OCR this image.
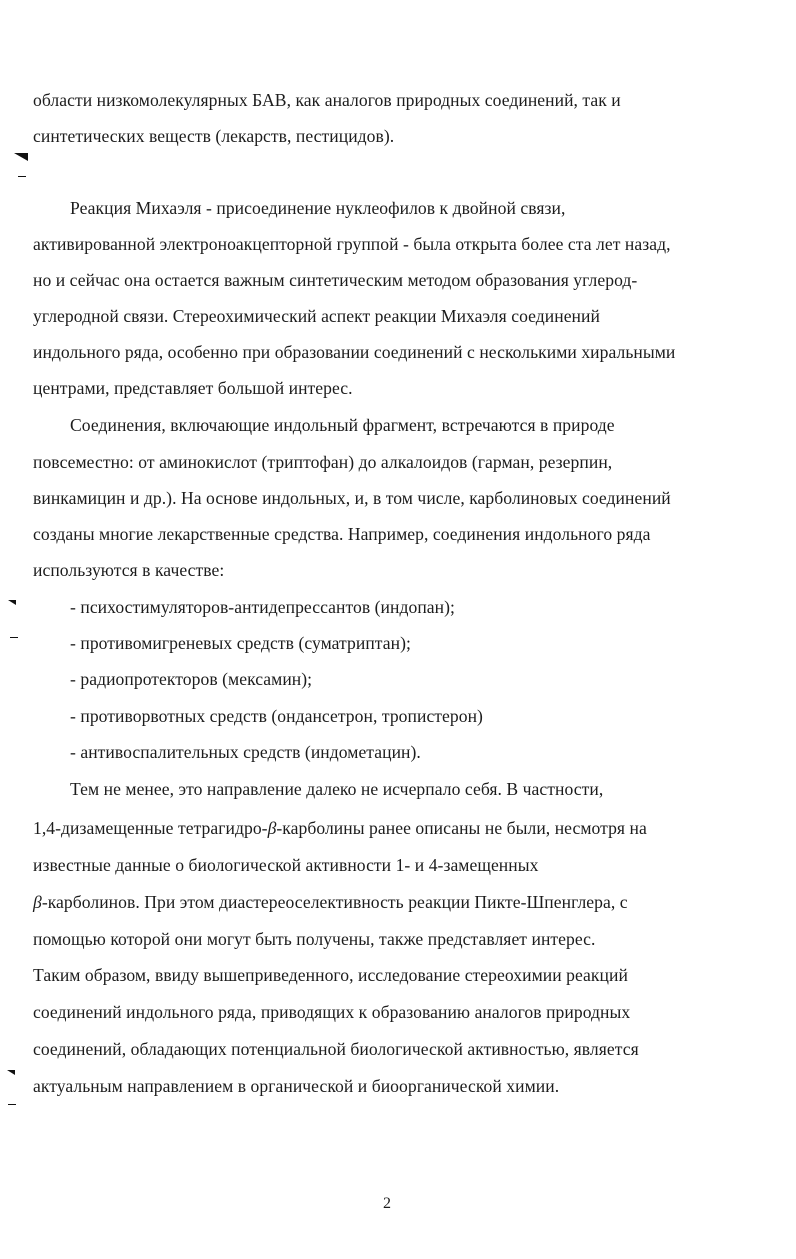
области низкомолекулярных БАВ, как аналогов природных соединений, так и
синтетических веществ (лекарств, пестицидов).
Реакция Михаэля - присоединение нуклеофилов к двойной связи,
активированной электроноакцепторной группой - была открыта более ста лет назад,
но и сейчас она остается важным синтетическим методом образования углерод-
углеродной связи. Стереохимический аспект реакции Михаэля соединений
индольного ряда, особенно при образовании соединений с несколькими хиральными
центрами, представляет большой интерес.
Соединения, включающие индольный фрагмент, встречаются в природе
повсеместно: от аминокислот (триптофан) до алкалоидов (гарман, резерпин,
винкамицин и др.). На основе индольных, и, в том числе, карболиновых соединений
созданы многие лекарственные средства. Например, соединения индольного ряда
используются в качестве:
- психостимуляторов-антидепрессантов (индопан);
- противомигреневых средств (суматриптан);
- радиопротекторов (мексамин);
- противорвотных средств (ондансетрон, тропистерон)
- антивоспалительных средств (индометацин).
Тем не менее, это направление далеко не исчерпало себя. В частности,
1,4-дизамещенные тетрагидро-β-карболины ранее описаны не были, несмотря на
известные данные о биологической активности 1- и 4-замещенных
β-карболинов. При этом диастереоселективность реакции Пикте-Шпенглера, с
помощью которой они могут быть получены, также представляет интерес.
Таким образом, ввиду вышеприведенного, исследование стереохимии реакций
соединений индольного ряда, приводящих к образованию аналогов природных
соединений, обладающих потенциальной биологической активностью, является
актуальным направлением в органической и биоорганической химии.
2
